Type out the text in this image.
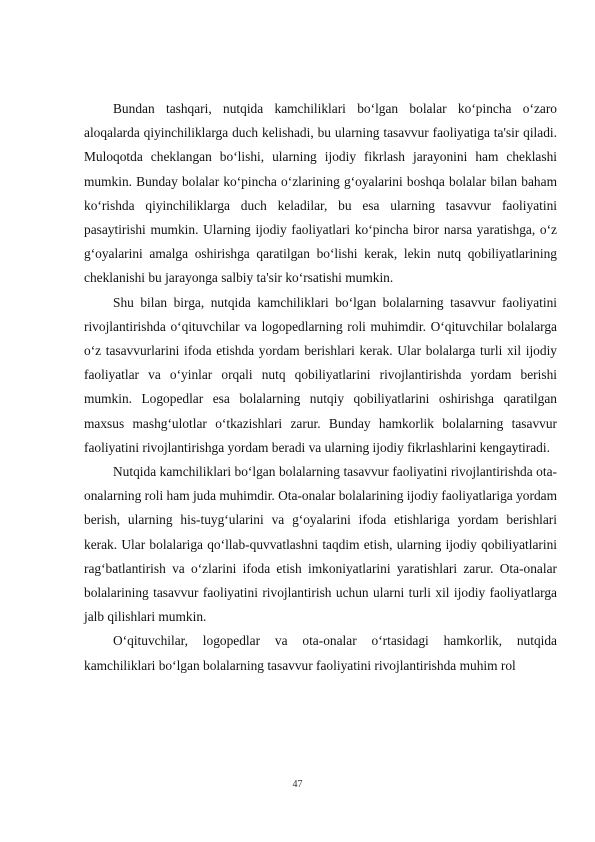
Bundan tashqari, nutqida kamchiliklari bo‘lgan bolalar ko‘pincha o‘zaro aloqalarda qiyinchiliklarga duch kelishadi, bu ularning tasavvur faoliyatiga ta'sir qiladi. Muloqotda cheklangan bo‘lishi, ularning ijodiy fikrlash jarayonini ham cheklashi mumkin. Bunday bolalar ko‘pincha o‘zlarining g‘oyalarini boshqa bolalar bilan baham ko‘rishda qiyinchiliklarga duch keladilar, bu esa ularning tasavvur faoliyatini pasaytirishi mumkin. Ularning ijodiy faoliyatlari ko‘pincha biror narsa yaratishga, o‘z g‘oyalarini amalga oshirishga qaratilgan bo‘lishi kerak, lekin nutq qobiliyatlarining cheklanishi bu jarayonga salbiy ta'sir ko‘rsatishi mumkin.

Shu bilan birga, nutqida kamchiliklari bo‘lgan bolalarning tasavvur faoliyatini rivojlantirishda o‘qituvchilar va logopedlarning roli muhimdir. O‘qituvchilar bolalarga o‘z tasavvurlarini ifoda etishda yordam berishlari kerak. Ular bolalarga turli xil ijodiy faoliyatlar va o‘yinlar orqali nutq qobiliyatlarini rivojlantirishda yordam berishi mumkin. Logopedlar esa bolalarning nutqiy qobiliyatlarini oshirishga qaratilgan maxsus mashg‘ulotlar o‘tkazishlari zarur. Bunday hamkorlik bolalarning tasavvur faoliyatini rivojlantirishga yordam beradi va ularning ijodiy fikrlashlarini kengaytiradi.

Nutqida kamchiliklari bo‘lgan bolalarning tasavvur faoliyatini rivojlantirishda ota-onalarning roli ham juda muhimdir. Ota-onalar bolalarining ijodiy faoliyatlariga yordam berish, ularning his-tuyg‘ularini va g‘oyalarini ifoda etishlariga yordam berishlari kerak. Ular bolalariga qo‘llab-quvvatlashni taqdim etish, ularning ijodiy qobiliyatlarini rag‘batlantirish va o‘zlarini ifoda etish imkoniyatlarini yaratishlari zarur. Ota-onalar bolalarining tasavvur faoliyatini rivojlantirish uchun ularni turli xil ijodiy faoliyatlarga jalb qilishlari mumkin.

O‘qituvchilar, logopedlar va ota-onalar o‘rtasidagi hamkorlik, nutqida kamchiliklari bo‘lgan bolalarning tasavvur faoliyatini rivojlantirishda muhim rol

47
